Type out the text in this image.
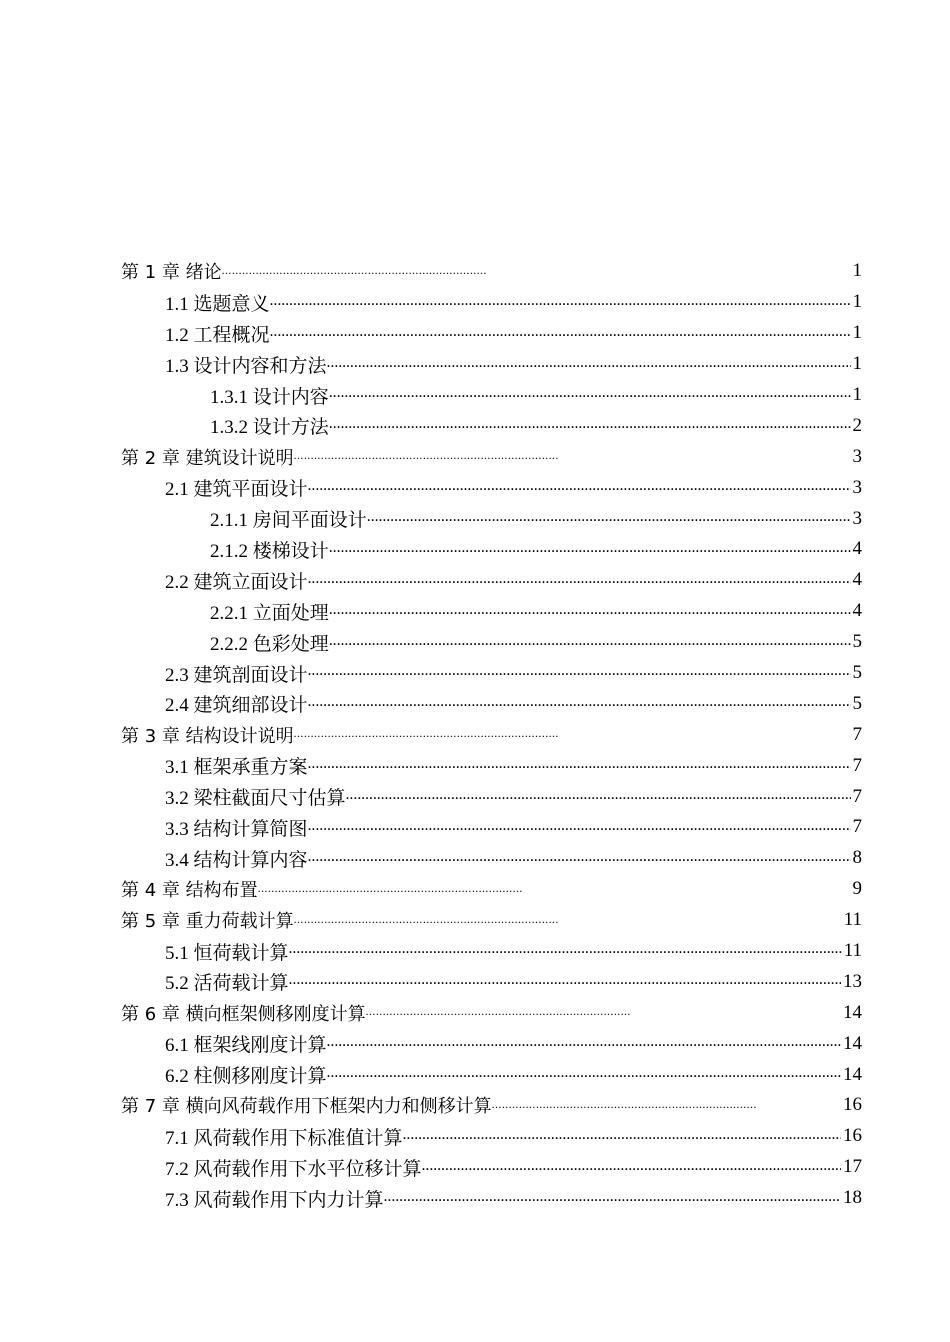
第 1 章 绪论 . .	1
1.1 选题意义 .....	1
1.2 工程概况 .....	1
1.3 设计内容和方法 .....	1
1.3.1 设计内容 .....	1
1.3.2 设计方法 .....	2
第 2 章 建筑设计说明 . .	3
2.1 建筑平面设计 .....	3
2.1.1 房间平面设计 .....	3
2.1.2 楼梯设计 .....	4
2.2 建筑立面设计 .....	4
2.2.1 立面处理 .....	4
2.2.2 色彩处理 .....	5
2.3 建筑剖面设计 .....	5
2.4 建筑细部设计 .....	5
第 3 章 结构设计说明 . .	7
3.1 框架承重方案 .....	7
3.2 梁柱截面尺寸估算 .....	7
3.3 结构计算简图 .....	7
3.4 结构计算内容 .....	8
第 4 章 结构布置 . .	9
第 5 章 重力荷载计算 . .	11
5.1 恒荷载计算 .....	11
5.2 活荷载计算 .....	13
第 6 章 横向框架侧移刚度计算 . .	14
6.1 框架线刚度计算 .....	14
6.2 柱侧移刚度计算 .....	14
第 7 章 横向风荷载作用下框架内力和侧移计算 . .	16
7.1 风荷载作用下标准值计算 .....	16
7.2 风荷载作用下水平位移计算 .....	17
7.3 风荷载作用下内力计算 .....	18
